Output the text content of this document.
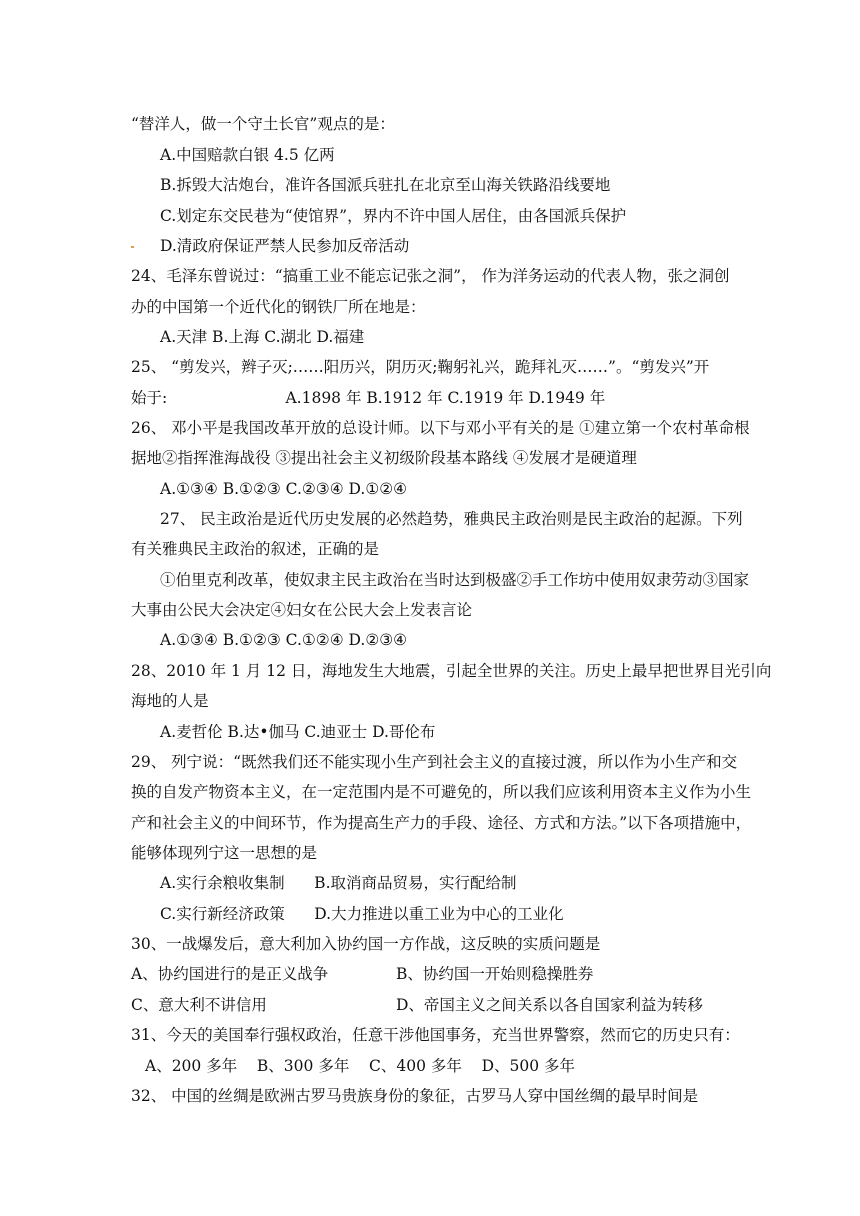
“替洋人，做一个守土长官”观点的是：
A.中国赔款白银 4.5 亿两
B.拆毁大沽炮台，准许各国派兵驻扎在北京至山海关铁路沿线要地
C.划定东交民巷为“使馆界”，界内不许中国人居住，由各国派兵保护
D.清政府保证严禁人民参加反帝活动
24、毛泽东曾说过：“搞重工业不能忘记张之洞”， 作为洋务运动的代表人物，张之洞创
办的中国第一个近代化的钢铁厂所在地是：
A.天津 B.上海 C.湖北 D.福建
25、 “剪发兴，辫子灭;……阳历兴，阴历灭;鞠躬礼兴，跪拜礼灭……”。“剪发兴”开
始于:                        A.1898 年 B.1912 年 C.1919 年 D.1949 年
26、 邓小平是我国改革开放的总设计师。以下与邓小平有关的是 ①建立第一个农村革命根
据地②指挥淮海战役 ③提出社会主义初级阶段基本路线 ④发展才是硬道理
A.①③④ B.①②③ C.②③④ D.①②④
27、 民主政治是近代历史发展的必然趋势，雅典民主政治则是民主政治的起源。下列
有关雅典民主政治的叙述，正确的是
①伯里克利改革，使奴隶主民主政治在当时达到极盛②手工作坊中使用奴隶劳动③国家
大事由公民大会决定④妇女在公民大会上发表言论
A.①③④ B.①②③ C.①②④ D.②③④
28、2010 年 1 月 12 日，海地发生大地震，引起全世界的关注。历史上最早把世界目光引向
海地的人是
A.麦哲伦 B.达•伽马 C.迪亚士 D.哥伦布
29、 列宁说：“既然我们还不能实现小生产到社会主义的直接过渡，所以作为小生产和交
换的自发产物资本主义，在一定范围内是不可避免的，所以我们应该利用资本主义作为小生
产和社会主义的中间环节，作为提高生产力的手段、途径、方式和方法。”以下各项措施中，
能够体现列宁这一思想的是
A.实行余粮收集制      B.取消商品贸易，实行配给制
C.实行新经济政策      D.大力推进以重工业为中心的工业化
30、一战爆发后，意大利加入协约国一方作战，这反映的实质问题是
A、协约国进行的是正义战争	B、协约国一开始则稳操胜券
C、意大利不讲信用	D、帝国主义之间关系以各自国家利益为转移
31、今天的美国奉行强权政治，任意干涉他国事务，充当世界警察，然而它的历史只有：
A、200 多年    B、300 多年    C、400 多年    D、500 多年
32、 中国的丝绸是欧洲古罗马贵族身份的象征，古罗马人穿中国丝绸的最早时间是
